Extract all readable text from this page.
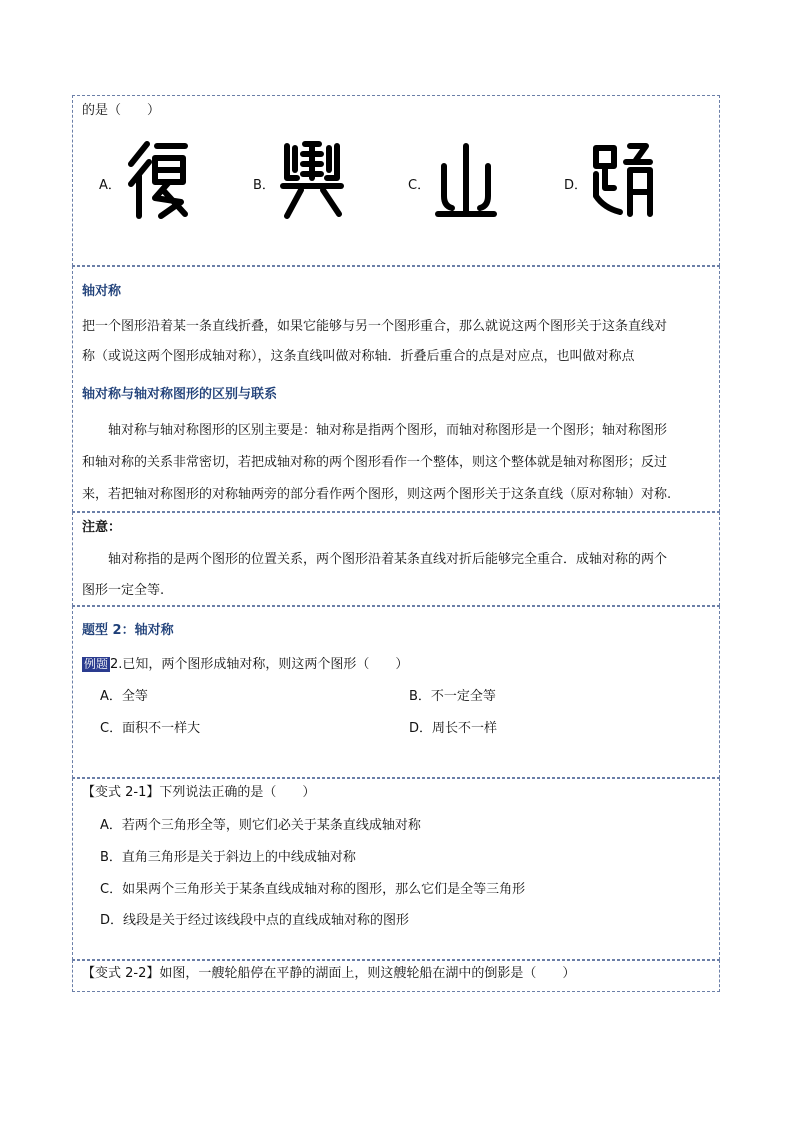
的是（　　）
A．	B．	C．	D．
轴对称
把一个图形沿着某一条直线折叠，如果它能够与另一个图形重合，那么就说这两个图形关于这条直线对
称（或说这两个图形成轴对称），这条直线叫做对称轴．折叠后重合的点是对应点，也叫做对称点
轴对称与轴对称图形的区别与联系
轴对称与轴对称图形的区别主要是：轴对称是指两个图形，而轴对称图形是一个图形；轴对称图形
和轴对称的关系非常密切，若把成轴对称的两个图形看作一个整体，则这个整体就是轴对称图形；反过
来，若把轴对称图形的对称轴两旁的部分看作两个图形，则这两个图形关于这条直线（原对称轴）对称.
注意：
轴对称指的是两个图形的位置关系，两个图形沿着某条直线对折后能够完全重合．成轴对称的两个
图形一定全等.
题型 2：轴对称
例题 2.已知，两个图形成轴对称，则这两个图形（　　）
A．全等	B．不一定全等
C．面积不一样大	D．周长不一样
【变式 2-1】下列说法正确的是（　　）
A．若两个三角形全等，则它们必关于某条直线成轴对称
B．直角三角形是关于斜边上的中线成轴对称
C．如果两个三角形关于某条直线成轴对称的图形，那么它们是全等三角形
D．线段是关于经过该线段中点的直线成轴对称的图形
【变式 2-2】如图，一艘轮船停在平静的湖面上，则这艘轮船在湖中的倒影是（　　）
